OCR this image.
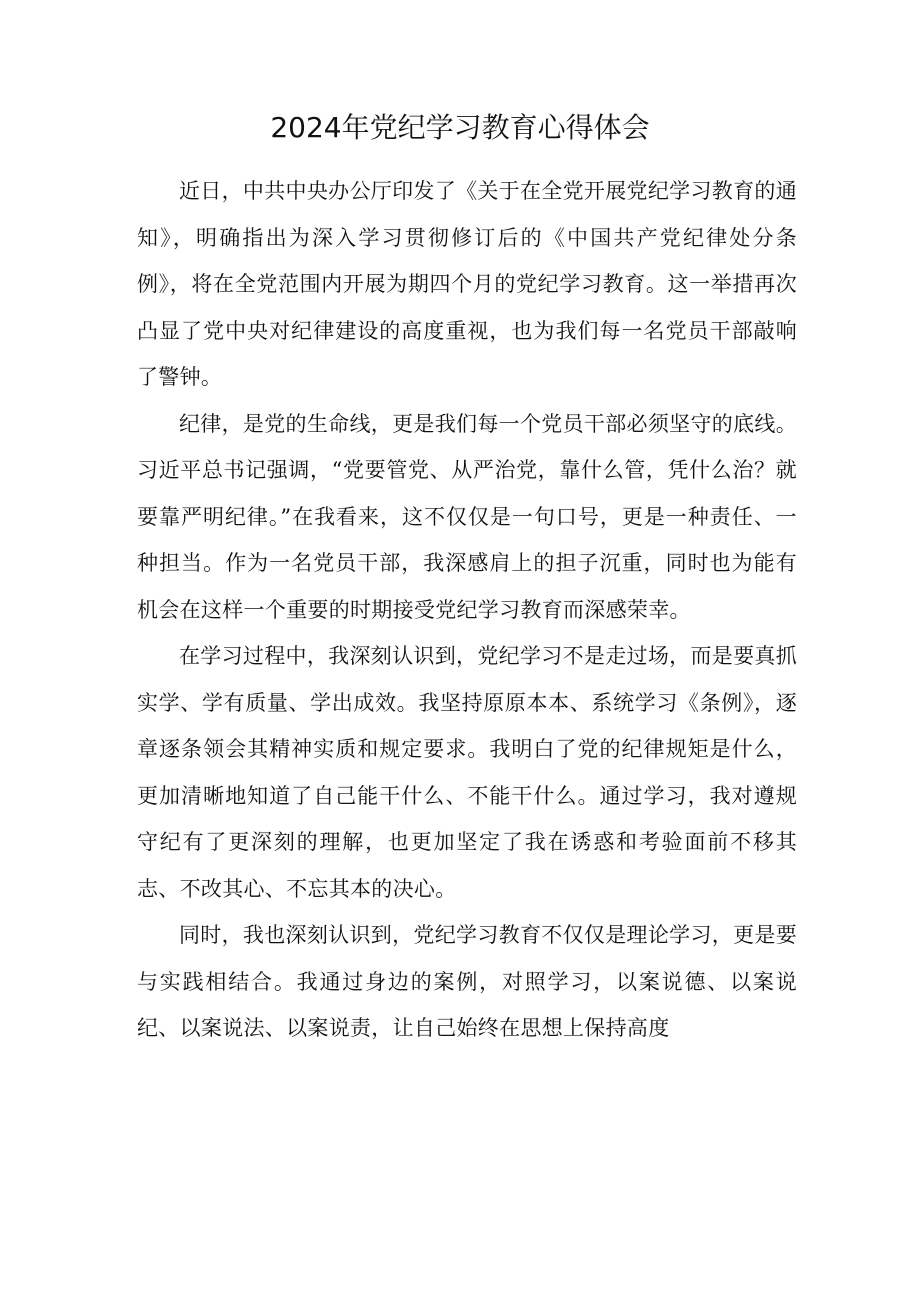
2024年党纪学习教育心得体会

近日，中共中央办公厅印发了《关于在全党开展党纪学习教育的通知》，明确指出为深入学习贯彻修订后的《中国共产党纪律处分条例》，将在全党范围内开展为期四个月的党纪学习教育。这一举措再次凸显了党中央对纪律建设的高度重视，也为我们每一名党员干部敲响了警钟。

纪律，是党的生命线，更是我们每一个党员干部必须坚守的底线。习近平总书记强调，“党要管党、从严治党，靠什么管，凭什么治？就要靠严明纪律。”在我看来，这不仅仅是一句口号，更是一种责任、一种担当。作为一名党员干部，我深感肩上的担子沉重，同时也为能有机会在这样一个重要的时期接受党纪学习教育而深感荣幸。

在学习过程中，我深刻认识到，党纪学习不是走过场，而是要真抓实学、学有质量、学出成效。我坚持原原本本、系统学习《条例》，逐章逐条领会其精神实质和规定要求。我明白了党的纪律规矩是什么，更加清晰地知道了自己能干什么、不能干什么。通过学习，我对遵规守纪有了更深刻的理解，也更加坚定了我在诱惑和考验面前不移其志、不改其心、不忘其本的决心。

同时，我也深刻认识到，党纪学习教育不仅仅是理论学习，更是要与实践相结合。我通过身边的案例，对照学习，以案说德、以案说纪、以案说法、以案说责，让自己始终在思想上保持高度
